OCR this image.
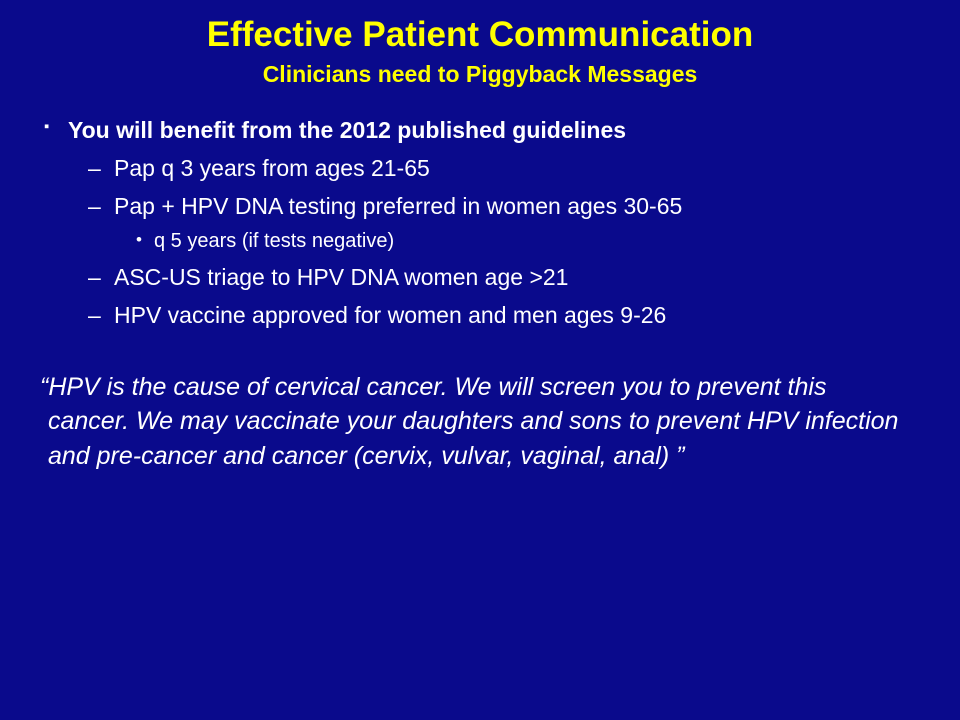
Effective Patient Communication
Clinicians need to Piggyback Messages
▪ You will benefit from the 2012 published guidelines
– Pap q 3 years from ages 21-65
– Pap + HPV DNA testing preferred in women ages 30-65
• q 5 years (if tests negative)
– ASC-US triage to HPV DNA women age >21
– HPV vaccine approved for women and men ages 9-26
“HPV is the cause of cervical cancer. We will screen you to prevent this cancer. We may vaccinate your daughters and sons to prevent HPV infection and pre-cancer and cancer (cervix, vulvar, vaginal, anal) ”
